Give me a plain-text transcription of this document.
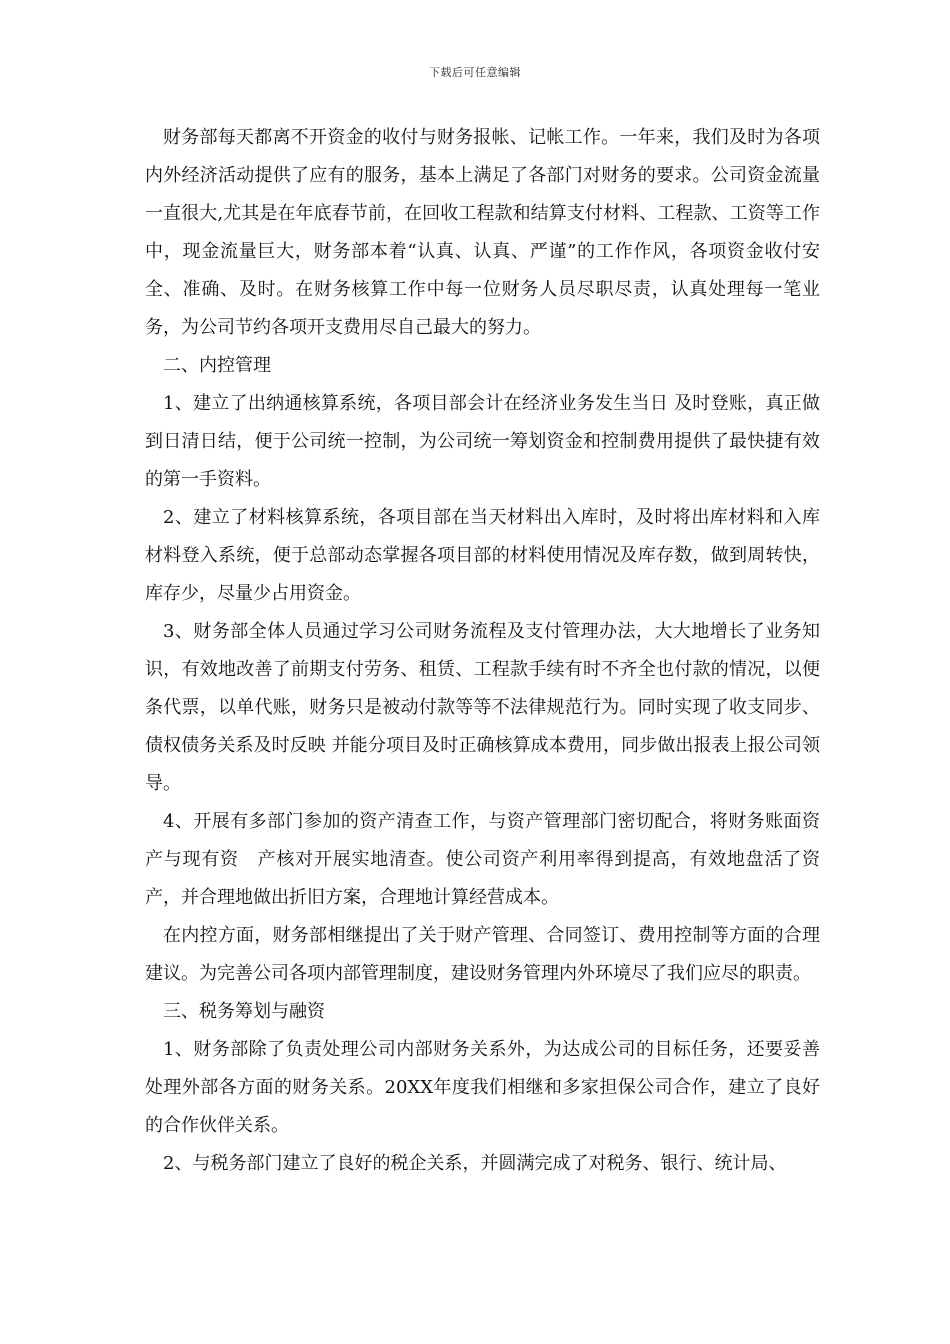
下载后可任意编辑

财务部每天都离不开资金的收付与财务报帐、记帐工作。一年来，我们及时为各项内外经济活动提供了应有的服务，基本上满足了各部门对财务的要求。公司资金流量一直很大,尤其是在年底春节前，在回收工程款和结算支付材料、工程款、工资等工作中，现金流量巨大，财务部本着“认真、认真、严谨”的工作作风，各项资金收付安全、准确、及时。在财务核算工作中每一位财务人员尽职尽责，认真处理每一笔业务，为公司节约各项开支费用尽自己最大的努力。

二、内控管理

1、建立了出纳通核算系统，各项目部会计在经济业务发生当日 及时登账，真正做到日清日结，便于公司统一控制，为公司统一筹划资金和控制费用提供了最快捷有效的第一手资料。

2、建立了材料核算系统，各项目部在当天材料出入库时，及时将出库材料和入库材料登入系统，便于总部动态掌握各项目部的材料使用情况及库存数，做到周转快，库存少，尽量少占用资金。

3、财务部全体人员通过学习公司财务流程及支付管理办法，大大地增长了业务知识，有效地改善了前期支付劳务、租赁、工程款手续有时不齐全也付款的情况，以便条代票，以单代账，财务只是被动付款等等不法律规范行为。同时实现了收支同步、债权债务关系及时反映 并能分项目及时正确核算成本费用，同步做出报表上报公司领导。

4、开展有多部门参加的资产清查工作，与资产管理部门密切配合，将财务账面资产与现有资　产核对开展实地清查。使公司资产利用率得到提高，有效地盘活了资产，并合理地做出折旧方案，合理地计算经营成本。

在内控方面，财务部相继提出了关于财产管理、合同签订、费用控制等方面的合理建议。为完善公司各项内部管理制度，建设财务管理内外环境尽了我们应尽的职责。

三、税务筹划与融资

1、财务部除了负责处理公司内部财务关系外，为达成公司的目标任务，还要妥善处理外部各方面的财务关系。20XX年度我们相继和多家担保公司合作，建立了良好的合作伙伴关系。

2、与税务部门建立了良好的税企关系，并圆满完成了对税务、银行、统计局、
